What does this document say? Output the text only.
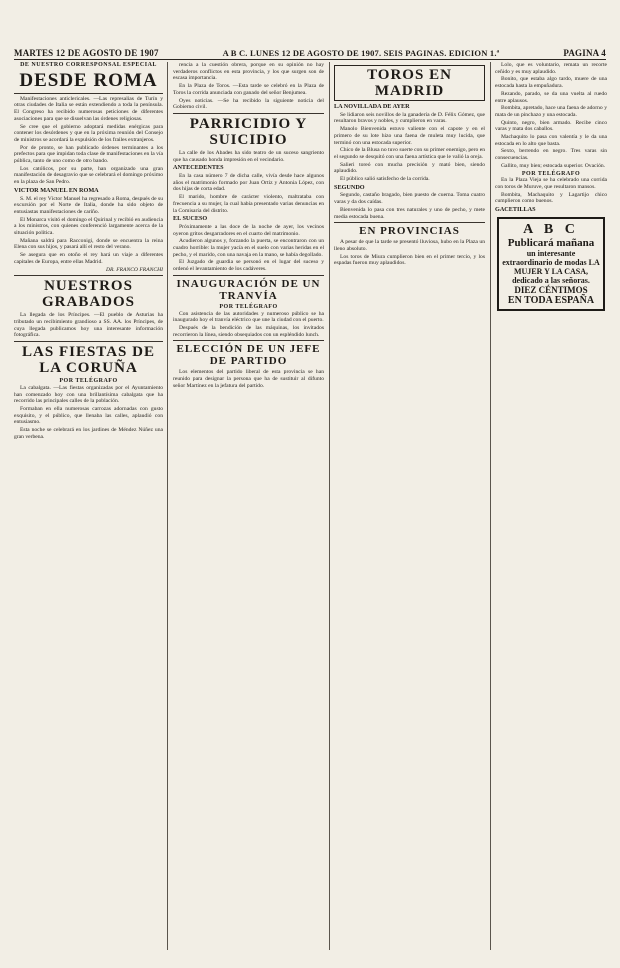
MARTES 12 DE AGOSTO DE 1907	A B C. LUNES 12 DE AGOSTO DE 1907. SEIS PAGINAS. EDICION 1.ª	PAGINA 4
DE NUESTRO CORRESPONSAL ESPECIAL
DESDE ROMA

Manifestaciones anticlericales. —Las represalias de Turín y otras ciudades de Italia se están extendiendo a toda la península. El Congreso ha recibido numerosas peticiones de diferentes asociaciones para que se disuelvan las órdenes religiosas.

Se cree que el gobierno adoptará medidas enérgicas para contener los desórdenes y que en la próxima reunión del Consejo de ministros se acordará la expulsión de los frailes extranjeros.

Por de pronto, se han publicado órdenes terminantes a los prefectos para que impidan toda clase de manifestaciones en la vía pública, tanto de uno como de otro bando.

Los católicos, por su parte, han organizado una gran manifestación de desagravio que se celebrará el domingo próximo en la plaza de San Pedro.

VICTOR MANUEL EN ROMA

S. M. el rey Víctor Manuel ha regresado a Roma, después de su excursión por el Norte de Italia, donde ha sido objeto de entusiastas manifestaciones de cariño.

El Monarca visitó el domingo el Quirinal y recibió en audiencia a los ministros, con quienes conferenció largamente acerca de la situación política.

Mañana saldrá para Racconigi, donde se encuentra la reina Elena con sus hijos, y pasará allí el resto del verano.

Se asegura que en otoño el rey hará un viaje a diferentes capitales de Europa, entre ellas Madrid.

DR. FRANCO FRANCHI
NUESTROS GRABADOS

La llegada de los Príncipes. —El pueblo de Asturias ha tributado un recibimiento grandioso a SS. AA. los Príncipes, de cuya llegada publicamos hoy una interesante información fotográfica.

LAS FIESTAS DE LA CORUÑA
POR TELÉGRAFO

La cabalgata. —Las fiestas organizadas por el Ayuntamiento han comenzado hoy con una brillantísima cabalgata que ha recorrido las principales calles de la población.

Formaban en ella numerosas carrozas adornadas con gusto exquisito, y el público, que llenaba las calles, aplaudió con entusiasmo.

Esta noche se celebrará en los jardines de Méndez Núñez una gran verbena.

rencia a la cuestión obrera, porque en su opinión no hay verdaderos conflictos en esta provincia, y los que surgen son de escasa importancia.

En la Plaza de Toros. —Esta tarde se celebró en la Plaza de Toros la corrida anunciada con ganado del señor Benjumea.

Oyes noticias. —Se ha recibido la siguiente noticia del Gobierno civil.

PARRICIDIO Y SUICIDIO

La calle de los Abades ha sido teatro de un suceso sangriento que ha causado honda impresión en el vecindario.

ANTECEDENTES

En la casa número 7 de dicha calle, vivía desde hace algunos años el matrimonio formado por Juan Ortiz y Antonia López, con dos hijas de corta edad.

El marido, hombre de carácter violento, maltrataba con frecuencia a su mujer, la cual había presentado varias denuncias en la Comisaría del distrito.

EL SUCESO

Próximamente a las doce de la noche de ayer, los vecinos oyeron gritos desgarradores en el cuarto del matrimonio.

Acudieron algunos y, forzando la puerta, se encontraron con un cuadro horrible: la mujer yacía en el suelo con varias heridas en el pecho, y el marido, con una navaja en la mano, se había degollado.

El Juzgado de guardia se personó en el lugar del suceso y ordenó el levantamiento de los cadáveres.

INAUGURACIÓN DE UN TRANVÍA
POR TELÉGRAFO

Con asistencia de las autoridades y numeroso público se ha inaugurado hoy el tranvía eléctrico que une la ciudad con el puerto.

Después de la bendición de las máquinas, los invitados recorrieron la línea, siendo obsequiados con un espléndido lunch.

ELECCIÓN DE UN JEFE DE PARTIDO

Los elementos del partido liberal de esta provincia se han reunido para designar la persona que ha de sustituir al difunto señor Martínez en la jefatura del partido.

TOROS EN MADRID
LA NOVILLADA DE AYER

Se lidiaron seis novillos de la ganadería de D. Félix Gómez, que resultaron bravos y nobles, y cumplieron en varas.

Manolo Bienvenida estuvo valiente con el capote y en el primero de su lote hizo una faena de muleta muy lucida, que terminó con una estocada superior.

Chico de la Blusa no tuvo suerte con su primer enemigo, pero en el segundo se desquitó con una faena artística que le valió la oreja.

Salieri toreó con mucha precisión y mató bien, siendo aplaudido.

El público salió satisfecho de la corrida.

SEGUNDO

Segundo, castaño bragado, bien puesto de cuerna. Toma cuatro varas y da dos caídas.

Bienvenida lo pasa con tres naturales y uno de pecho, y mete media estocada buena.

EN PROVINCIAS

A pesar de que la tarde se presentó lluviosa, hubo en la Plaza un lleno absoluto.

Los toros de Miura cumplieron bien en el primer tercio, y los espadas fueron muy aplaudidos.

Lolo, que es voluntario, remata un recorte ceñido y es muy aplaudido.

Bonito, que estaba algo tardo, muere de una estocada hasta la empuñadura.

Rezando, parado, se da una vuelta al ruedo entre aplausos.

Bombita, apretado, hace una faena de adorno y mata de un pinchazo y una estocada.

Quinto, negro, bien armado. Recibe cinco varas y mata dos caballos.

Machaquito lo pasa con valentía y le da una estocada en lo alto que basta.

Sexto, berrendo en negro. Tres varas sin consecuencias.

Gallito, muy bien; estocada superior. Ovación.

POR TELÉGRAFO

En la Plaza Vieja se ha celebrado una corrida con toros de Muruve, que resultaron mansos.

Bombita, Machaquito y Lagartijo chico cumplieron como buenos.

GACETILLAS
A B C
Publicará mañana
un interesante extraordinario de modas LA MUJER Y LA CASA, dedicado a las señoras.
DIEZ CÉNTIMOS
EN TODA ESPAÑA
